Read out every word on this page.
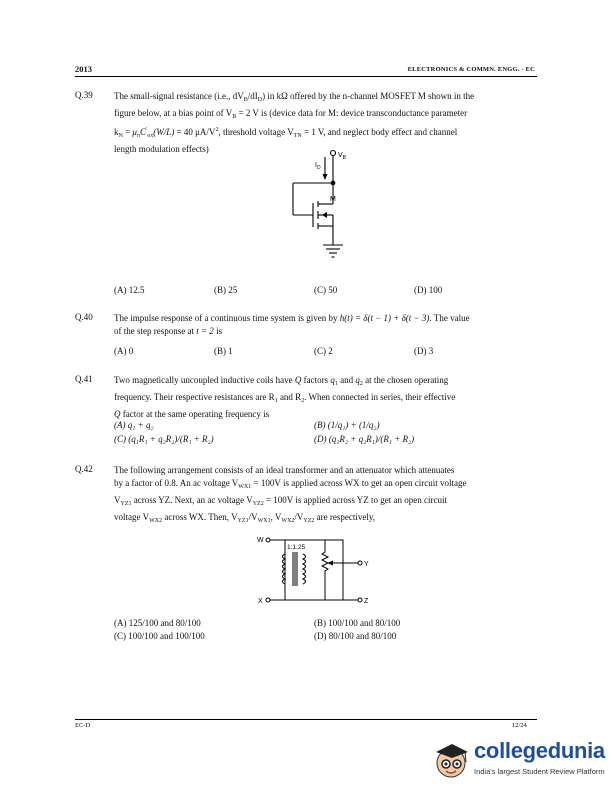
2013	ELECTRONICS & COMMN. ENGG. - EC
Q.39 The small-signal resistance (i.e., $dV_B/dI_D$) in kΩ offered by the n-channel MOSFET M shown in the
figure below, at a bias point of $V_B = 2$ V is (device data for M: device transconductance parameter
$k_N = \mu_nC'_{ox}(W/L) = 40$ $\mu A/V^2$, threshold voltage $V_{TN} = 1$ V, and neglect body effect and channel
length modulation effects)
$V_B$
$I_D$
M
(A) 12.5	(B) 25	(C) 50	(D) 100
Q.40 The impulse response of a continuous time system is given by h(t) = δ(t − 1) + δ(t − 3). The value
of the step response at t = 2 is
(A) 0	(B) 1	(C) 2	(D) 3
Q.41 Two magnetically uncoupled inductive coils have Q factors $q_1$ and $q_2$ at the chosen operating
frequency. Their respective resistances are $R_1$ and $R_2$. When connected in series, their effective
Q factor at the same operating frequency is
(A) q₁ + q₂	(B) (1/q₁) + (1/q₂)
(C) (q₁R₁ + q₂R₂)/(R₁ + R₂)	(D) (q₁R₂ + q₂R₁)/(R₁ + R₂)
Q.42 The following arrangement consists of an ideal transformer and an attenuator which attenuates
by a factor of 0.8. An ac voltage $V_{WX1} = 100V$ is applied across WX to get an open circuit voltage
$V_{YZ1}$ across YZ. Next, an ac voltage $V_{YZ2} = 100V$ is applied across YZ to get an open circuit
voltage $V_{WX2}$ across WX. Then, $V_{YZ1}/V_{WX1}$, $V_{WX2}/V_{YZ2}$ are respectively,
1:1.25
W
X
Y
Z
(A) 125/100 and 80/100	(B) 100/100 and 80/100
(C) 100/100 and 100/100	(D) 80/100 and 80/100
EC-D	12/24
collegedunia
India's largest Student Review Platform
